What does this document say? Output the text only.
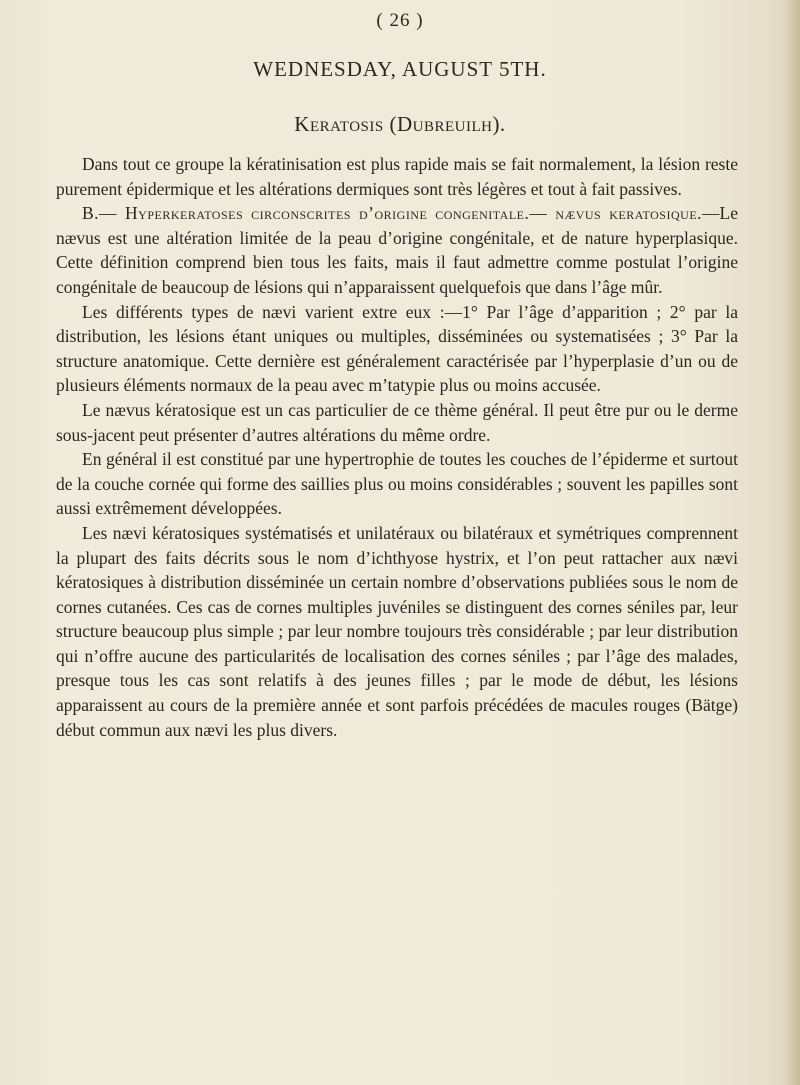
( 26 )
WEDNESDAY, AUGUST 5TH.
Keratosis (Dubreuilh).

Dans tout ce groupe la kératinisation est plus rapide mais se fait normalement, la lésion reste purement épidermique et les altérations dermiques sont très légères et tout à fait passives.

B.— Hyperkeratoses circonscrites d’origine congenitale.— nævus keratosique.—Le nævus est une altération limitée de la peau d’origine congénitale, et de nature hyperplasique. Cette définition comprend bien tous les faits, mais il faut admettre comme postulat l’origine congénitale de beaucoup de lésions qui n’apparaissent quelquefois que dans l’âge mûr.

Les différents types de nævi varient extre eux :—1° Par l’âge d’apparition ; 2° par la distribution, les lésions étant uniques ou multiples, disséminées ou systematisées ; 3° Par la structure anatomique. Cette dernière est généralement caractérisée par l’hyperplasie d’un ou de plusieurs éléments normaux de la peau avec m’tatypie plus ou moins accusée.

Le nævus kératosique est un cas particulier de ce thème général. Il peut être pur ou le derme sous-jacent peut présenter d’autres altérations du même ordre.

En général il est constitué par une hypertrophie de toutes les couches de l’épiderme et surtout de la couche cornée qui forme des saillies plus ou moins considérables ; souvent les papilles sont aussi extrêmement développées.

Les nævi kératosiques systématisés et unilatéraux ou bilatéraux et symétriques comprennent la plupart des faits décrits sous le nom d’ichthyose hystrix, et l’on peut rattacher aux nævi kératosiques à distribution disséminée un certain nombre d’observations publiées sous le nom de cornes cutanées. Ces cas de cornes multiples juvéniles se distinguent des cornes séniles par, leur structure beaucoup plus simple ; par leur nombre toujours très considérable ; par leur distribution qui n’offre aucune des particularités de localisation des cornes séniles ; par l’âge des malades, presque tous les cas sont relatifs à des jeunes filles ; par le mode de début, les lésions apparaissent au cours de la première année et sont parfois précédées de macules rouges (Bätge) début commun aux nævi les plus divers.
